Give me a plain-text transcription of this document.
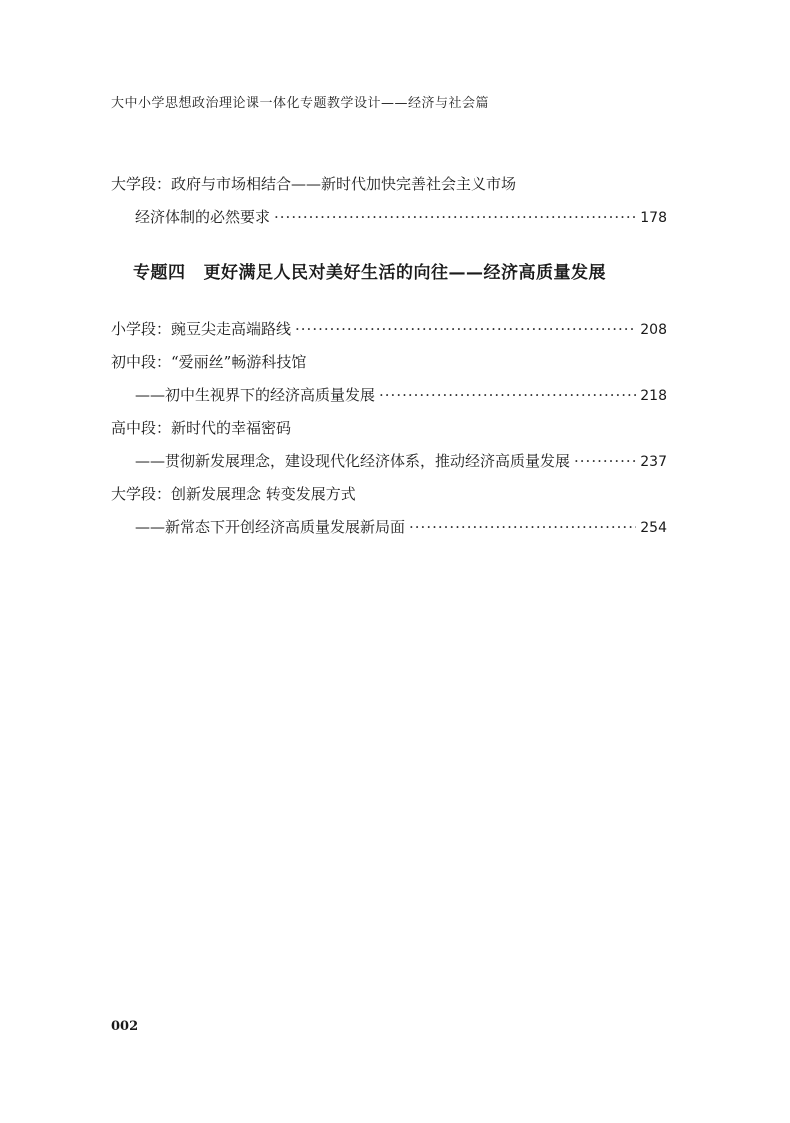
大中小学思想政治理论课一体化专题教学设计——经济与社会篇
大学段：政府与市场相结合——新时代加快完善社会主义市场
经济体制的必然要求 ·····	178
专题四 更好满足人民对美好生活的向往——经济高质量发展
小学段：豌豆尖走高端路线 ·····	208
初中段：“爱丽丝”畅游科技馆
——初中生视界下的经济高质量发展 ·····	218
高中段：新时代的幸福密码
——贯彻新发展理念，建设现代化经济体系，推动经济高质量发展 ·····	237
大学段：创新发展理念 转变发展方式
——新常态下开创经济高质量发展新局面 ·····	254
002
